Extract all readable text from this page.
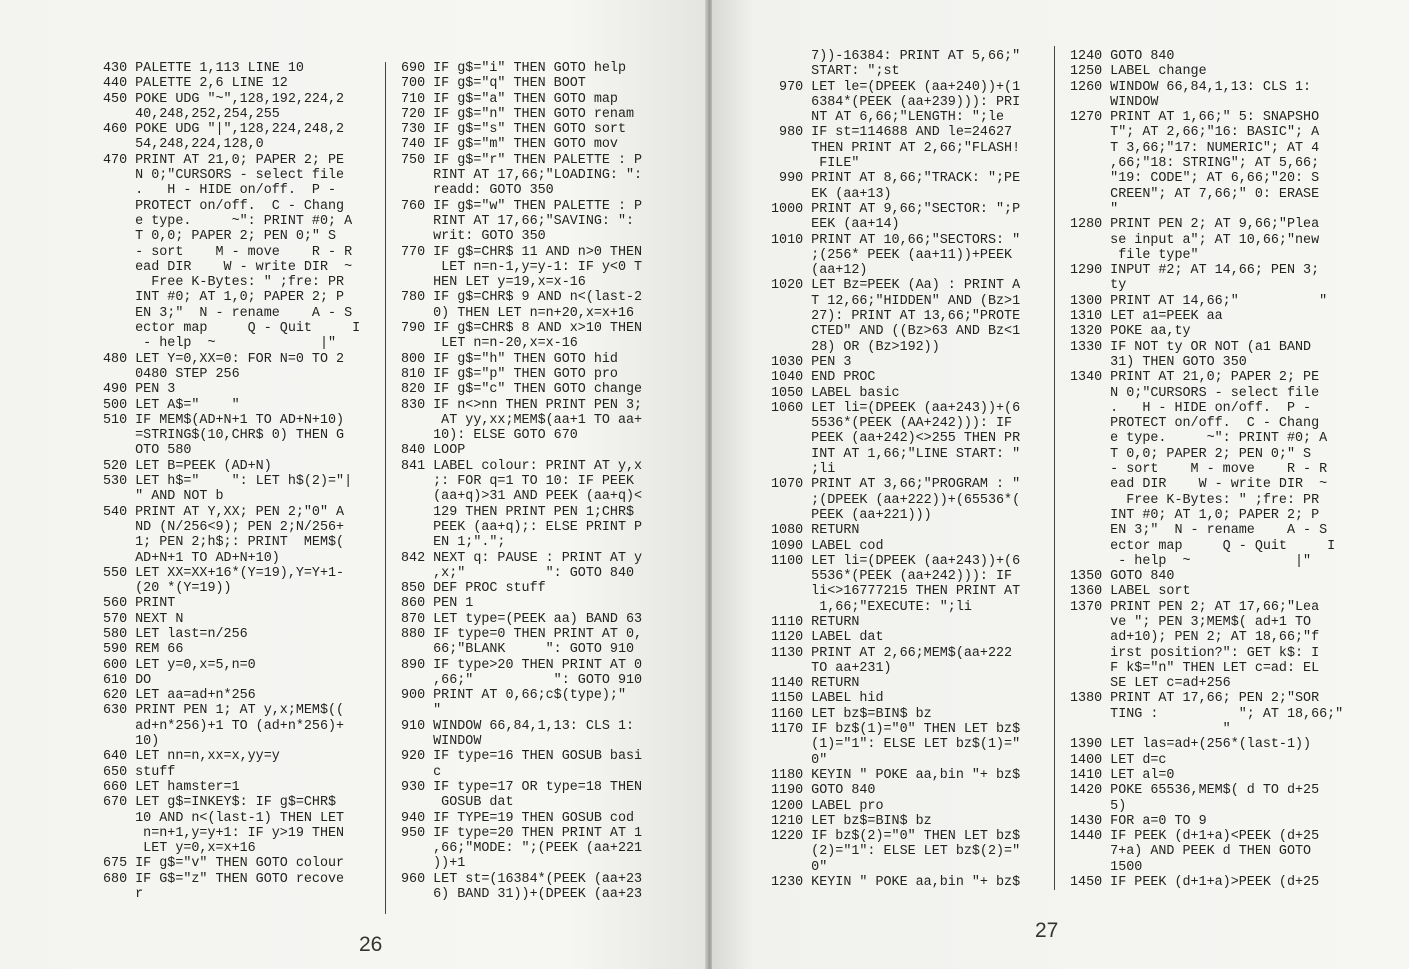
430 PALETTE 1,113 LINE 10
440 PALETTE 2,6 LINE 12
450 POKE UDG "~",128,192,224,2
40,248,252,254,255
460 POKE UDG "|",128,224,248,2
54,248,224,128,0
470 PRINT AT 21,0; PAPER 2; PE
N 0;"CURSORS - select file
.   H - HIDE on/off.  P -
PROTECT on/off.  C - Chang
e type.     ~": PRINT #0; A
T 0,0; PAPER 2; PEN 0;" S
- sort    M - move    R - R
ead DIR    W - write DIR  ~
Free K-Bytes: " ;fre: PR
INT #0; AT 1,0; PAPER 2; P
EN 3;"  N - rename    A - S
ector map     Q - Quit     I
- help  ~             |"
480 LET Y=0,XX=0: FOR N=0 TO 2
0480 STEP 256
490 PEN 3
500 LET A$="    "
510 IF MEM$(AD+N+1 TO AD+N+10)
=STRING$(10,CHR$ 0) THEN G
OTO 580
520 LET B=PEEK (AD+N)
530 LET h$="    ": LET h$(2)="|
" AND NOT b
540 PRINT AT Y,XX; PEN 2;"0" A
ND (N/256<9); PEN 2;N/256+
1; PEN 2;h$;: PRINT  MEM$(
AD+N+1 TO AD+N+10)
550 LET XX=XX+16*(Y=19),Y=Y+1-
(20 *(Y=19))
560 PRINT
570 NEXT N
580 LET last=n/256
590 REM 66
600 LET y=0,x=5,n=0
610 DO
620 LET aa=ad+n*256
630 PRINT PEN 1; AT y,x;MEM$((
ad+n*256)+1 TO (ad+n*256)+
10)
640 LET nn=n,xx=x,yy=y
650 stuff
660 LET hamster=1
670 LET g$=INKEY$: IF g$=CHR$
10 AND n<(last-1) THEN LET
n=n+1,y=y+1: IF y>19 THEN
LET y=0,x=x+16
675 IF g$="v" THEN GOTO colour
680 IF G$="z" THEN GOTO recove
r
690 IF g$="i" THEN GOTO help
700 IF g$="q" THEN BOOT
710 IF g$="a" THEN GOTO map
720 IF g$="n" THEN GOTO renam
730 IF g$="s" THEN GOTO sort
740 IF g$="m" THEN GOTO mov
750 IF g$="r" THEN PALETTE : P
RINT AT 17,66;"LOADING: ":
readd: GOTO 350
760 IF g$="w" THEN PALETTE : P
RINT AT 17,66;"SAVING: ":
writ: GOTO 350
770 IF g$=CHR$ 11 AND n>0 THEN
LET n=n-1,y=y-1: IF y<0 T
HEN LET y=19,x=x-16
780 IF g$=CHR$ 9 AND n<(last-2
0) THEN LET n=n+20,x=x+16
790 IF g$=CHR$ 8 AND x>10 THEN
LET n=n-20,x=x-16
800 IF g$="h" THEN GOTO hid
810 IF g$="p" THEN GOTO pro
820 IF g$="c" THEN GOTO change
830 IF n<>nn THEN PRINT PEN 3;
AT yy,xx;MEM$(aa+1 TO aa+
10): ELSE GOTO 670
840 LOOP
841 LABEL colour: PRINT AT y,x
;: FOR q=1 TO 10: IF PEEK
(aa+q)>31 AND PEEK (aa+q)<
129 THEN PRINT PEN 1;CHR$
PEEK (aa+q);: ELSE PRINT P
EN 1;".";
842 NEXT q: PAUSE : PRINT AT y
,x;"          ": GOTO 840
850 DEF PROC stuff
860 PEN 1
870 LET type=(PEEK aa) BAND 63
880 IF type=0 THEN PRINT AT 0,
66;"BLANK     ": GOTO 910
890 IF type>20 THEN PRINT AT 0
,66;"          ": GOTO 910
900 PRINT AT 0,66;c$(type);"
"
910 WINDOW 66,84,1,13: CLS 1:
WINDOW
920 IF type=16 THEN GOSUB basi
c
930 IF type=17 OR type=18 THEN
GOSUB dat
940 IF TYPE=19 THEN GOSUB cod
950 IF type=20 THEN PRINT AT 1
,66;"MODE: ";(PEEK (aa+221
))+1
960 LET st=(16384*(PEEK (aa+23
6) BAND 31))+(DPEEK (aa+23
26
7))-16384: PRINT AT 5,66;"
START: ";st
970 LET le=(DPEEK (aa+240))+(1
6384*(PEEK (aa+239))): PRI
NT AT 6,66;"LENGTH: ";le
980 IF st=114688 AND le=24627
THEN PRINT AT 2,66;"FLASH!
FILE"
990 PRINT AT 8,66;"TRACK: ";PE
EK (aa+13)
1000 PRINT AT 9,66;"SECTOR: ";P
EEK (aa+14)
1010 PRINT AT 10,66;"SECTORS: "
;(256* PEEK (aa+11))+PEEK
(aa+12)
1020 LET Bz=PEEK (Aa) : PRINT A
T 12,66;"HIDDEN" AND (Bz>1
27): PRINT AT 13,66;"PROTE
CTED" AND ((Bz>63 AND Bz<1
28) OR (Bz>192))
1030 PEN 3
1040 END PROC
1050 LABEL basic
1060 LET li=(DPEEK (aa+243))+(6
5536*(PEEK (AA+242))): IF
PEEK (aa+242)<>255 THEN PR
INT AT 1,66;"LINE START: "
;li
1070 PRINT AT 3,66;"PROGRAM : "
;(DPEEK (aa+222))+(65536*(
PEEK (aa+221)))
1080 RETURN
1090 LABEL cod
1100 LET li=(DPEEK (aa+243))+(6
5536*(PEEK (aa+242))): IF
li<>16777215 THEN PRINT AT
1,66;"EXECUTE: ";li
1110 RETURN
1120 LABEL dat
1130 PRINT AT 2,66;MEM$(aa+222
TO aa+231)
1140 RETURN
1150 LABEL hid
1160 LET bz$=BIN$ bz
1170 IF bz$(1)="0" THEN LET bz$
(1)="1": ELSE LET bz$(1)="
0"
1180 KEYIN " POKE aa,bin "+ bz$
1190 GOTO 840
1200 LABEL pro
1210 LET bz$=BIN$ bz
1220 IF bz$(2)="0" THEN LET bz$
(2)="1": ELSE LET bz$(2)="
0"
1230 KEYIN " POKE aa,bin "+ bz$
1240 GOTO 840
1250 LABEL change
1260 WINDOW 66,84,1,13: CLS 1:
WINDOW
1270 PRINT AT 1,66;" 5: SNAPSHO
T"; AT 2,66;"16: BASIC"; A
T 3,66;"17: NUMERIC"; AT 4
,66;"18: STRING"; AT 5,66;
"19: CODE"; AT 6,66;"20: S
CREEN"; AT 7,66;" 0: ERASE
"
1280 PRINT PEN 2; AT 9,66;"Plea
se input a"; AT 10,66;"new
file type"
1290 INPUT #2; AT 14,66; PEN 3;
ty
1300 PRINT AT 14,66;"          "
1310 LET a1=PEEK aa
1320 POKE aa,ty
1330 IF NOT ty OR NOT (a1 BAND
31) THEN GOTO 350
1340 PRINT AT 21,0; PAPER 2; PE
N 0;"CURSORS - select file
.   H - HIDE on/off.  P -
PROTECT on/off.  C - Chang
e type.     ~": PRINT #0; A
T 0,0; PAPER 2; PEN 0;" S
- sort    M - move    R - R
ead DIR    W - write DIR  ~
Free K-Bytes: " ;fre: PR
INT #0; AT 1,0; PAPER 2; P
EN 3;"  N - rename    A - S
ector map     Q - Quit     I
- help  ~             |"
1350 GOTO 840
1360 LABEL sort
1370 PRINT PEN 2; AT 17,66;"Lea
ve "; PEN 3;MEM$( ad+1 TO
ad+10); PEN 2; AT 18,66;"f
irst position?": GET k$: I
F k$="n" THEN LET c=ad: EL
SE LET c=ad+256
1380 PRINT AT 17,66; PEN 2;"SOR
TING :          "; AT 18,66;"
"
1390 LET las=ad+(256*(last-1))
1400 LET d=c
1410 LET al=0
1420 POKE 65536,MEM$( d TO d+25
5)
1430 FOR a=0 TO 9
1440 IF PEEK (d+1+a)<PEEK (d+25
7+a) AND PEEK d THEN GOTO
1500
1450 IF PEEK (d+1+a)>PEEK (d+25
27
